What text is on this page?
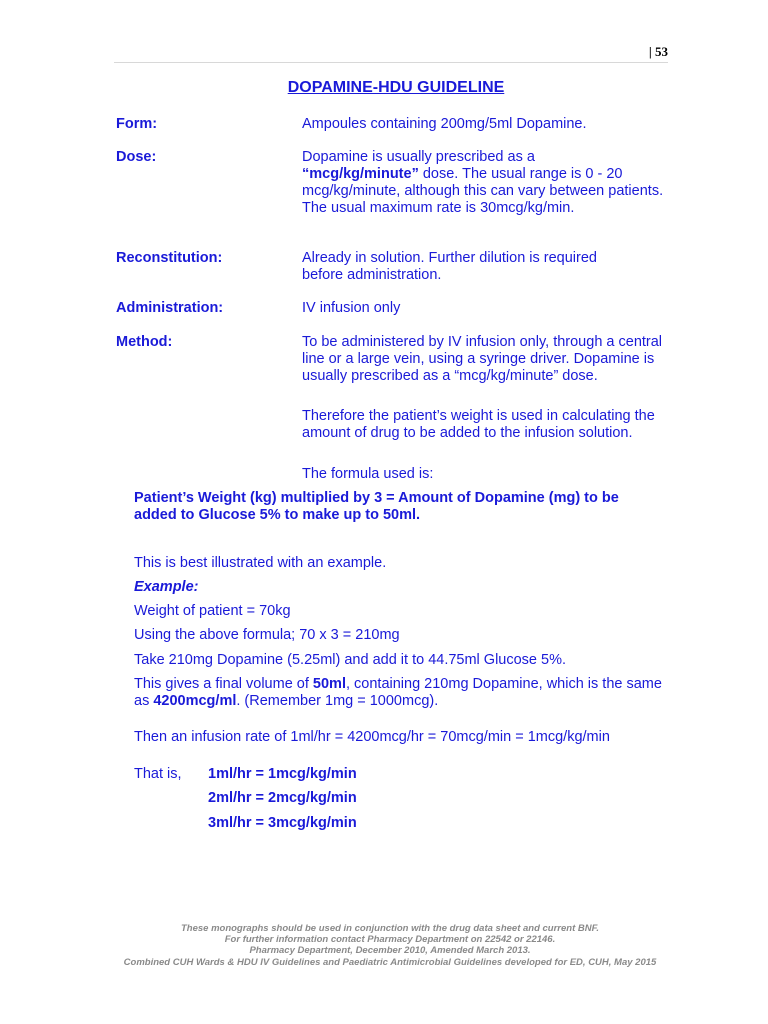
| 53
DOPAMINE-HDU GUIDELINE
Form:	Ampoules containing 200mg/5ml Dopamine.
Dose:	Dopamine is usually prescribed as a
“mcg/kg/minute” dose. The usual range is 0 - 20 mcg/kg/minute, although this can vary between patients. The usual maximum rate is 30mcg/kg/min.
Reconstitution:	Already in solution. Further dilution is required before administration.
Administration:	IV infusion only
Method:	To be administered by IV infusion only, through a central line or a large vein, using a syringe driver. Dopamine is usually prescribed as a “mcg/kg/minute” dose.
Therefore the patient’s weight is used in calculating the amount of drug to be added to the infusion solution.
The formula used is:
Patient’s Weight (kg) multiplied by 3 = Amount of Dopamine (mg) to be added to Glucose 5% to make up to 50ml.
This is best illustrated with an example.
Example:
Weight of patient = 70kg
Using the above formula; 70 x 3 = 210mg
Take 210mg Dopamine (5.25ml) and add it to 44.75ml Glucose 5%.
This gives a final volume of 50ml, containing 210mg Dopamine, which is the same as 4200mcg/ml. (Remember 1mg = 1000mcg).
Then an infusion rate of 1ml/hr = 4200mcg/hr = 70mcg/min = 1mcg/kg/min
That is, 1ml/hr = 1mcg/kg/min
2ml/hr = 2mcg/kg/min
3ml/hr = 3mcg/kg/min
These monographs should be used in conjunction with the drug data sheet and current BNF.
For further information contact Pharmacy Department on 22542 or 22146.
Pharmacy Department, December 2010, Amended March 2013.
Combined CUH Wards & HDU IV Guidelines and Paediatric Antimicrobial Guidelines developed for ED, CUH, May 2015
